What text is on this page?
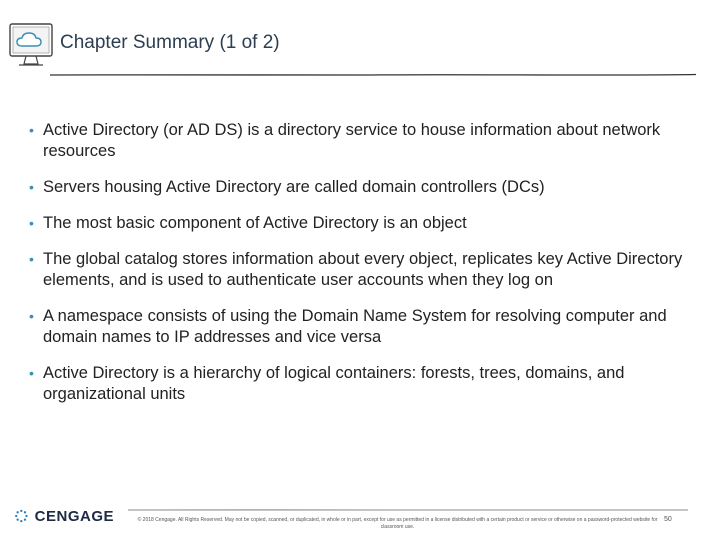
Chapter Summary (1 of 2)
• Active Directory (or AD DS) is a directory service to house information about network resources
• Servers housing Active Directory are called domain controllers (DCs)
• The most basic component of Active Directory is an object
• The global catalog stores information about every object, replicates key Active Directory elements, and is used to authenticate user accounts when they log on
• A namespace consists of using the Domain Name System for resolving computer and domain names to IP addresses and vice versa
• Active Directory is a hierarchy of logical containers: forests, trees, domains, and organizational units
CENGAGE	© 2018 Cengage. All Rights Reserved. May not be copied, scanned, or duplicated, in whole or in part, except for use as permitted in a license distributed with a certain product or service or otherwise on a password-protected website for classroom use.
50
